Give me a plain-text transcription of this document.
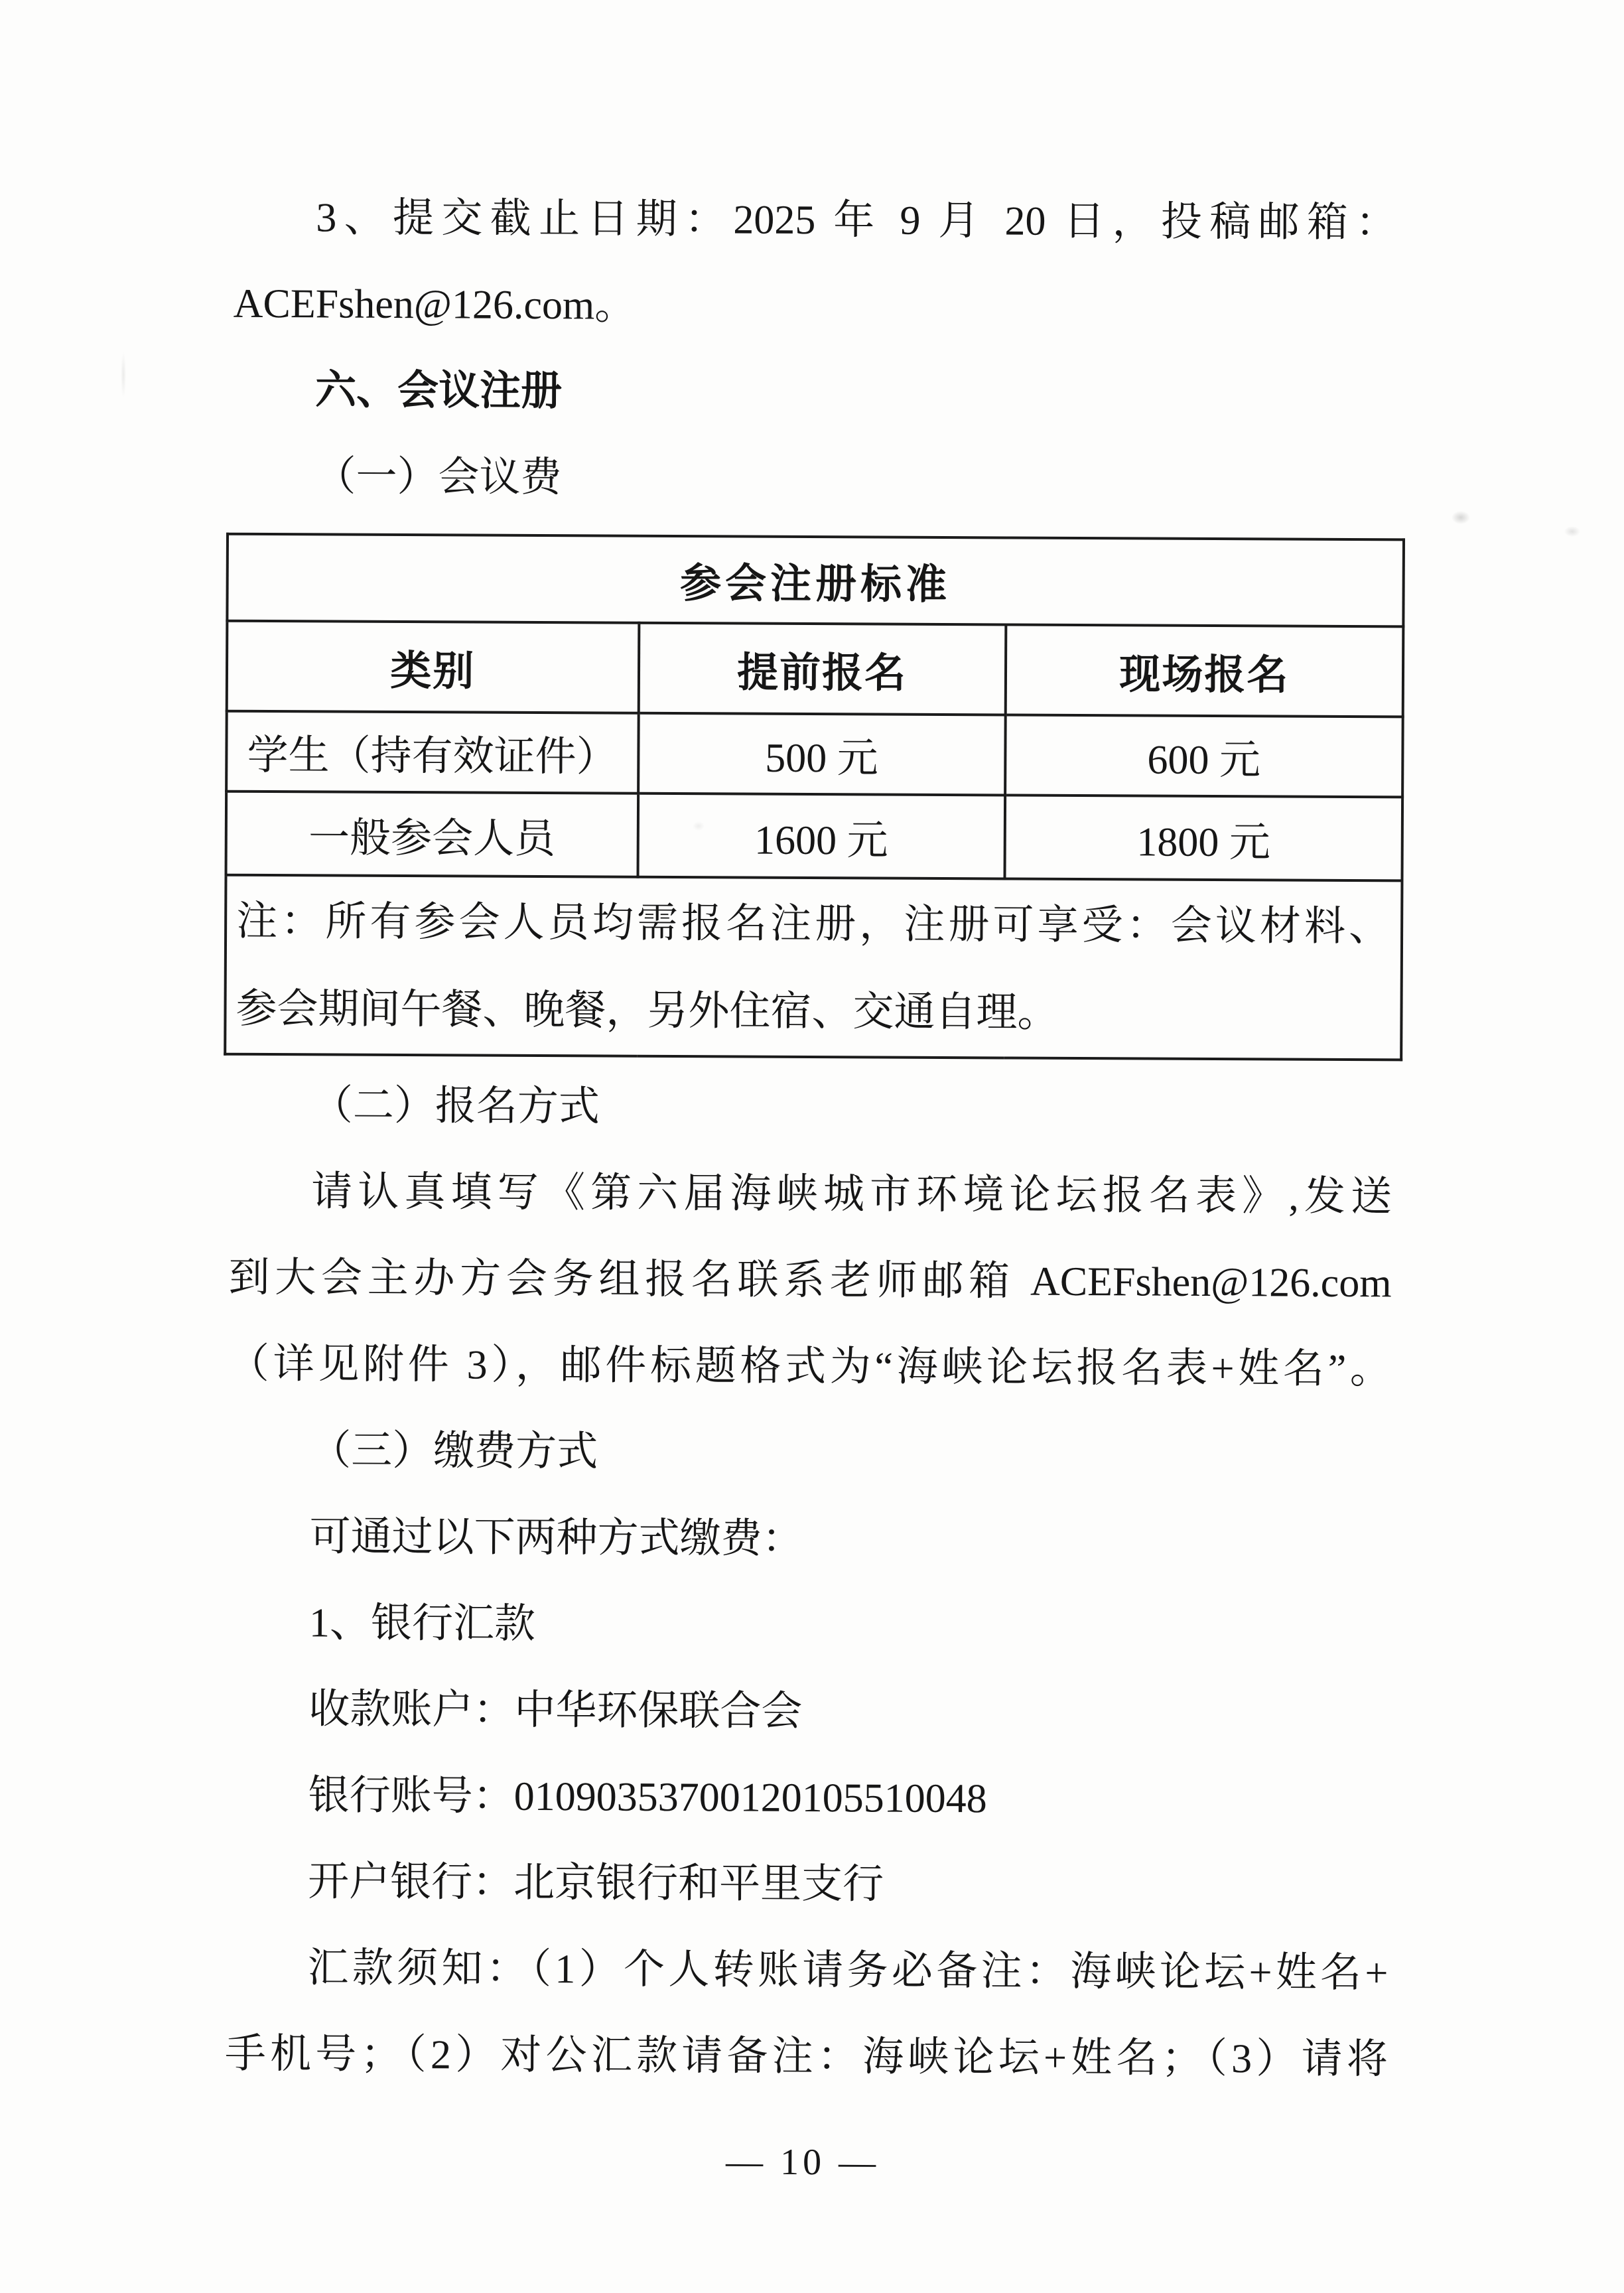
3、提交截止日期：2025 年 9 月 20 日，投稿邮箱：
ACEFshen@126.com。
六、会议注册
（一）会议费
参会注册标准		
类别	提前报名	现场报名
学生（持有效证件）	500 元	600 元
一般参会人员	1600 元	1800 元

注：所有参会人员均需报名注册，注册可享受：会议材料、
参会期间午餐、晚餐，另外住宿、交通自理。		
（二）报名方式
请认真填写《第六届海峡城市环境论坛报名表》,发送
到大会主办方会务组报名联系老师邮箱 ACEFshen@126.com
（详见附件 3），邮件标题格式为“海峡论坛报名表+姓名”。
（三）缴费方式
可通过以下两种方式缴费：
1、银行汇款
收款账户：中华环保联合会
银行账号：01090353700120105510048
开户银行：北京银行和平里支行
汇款须知：（1）个人转账请务必备注：海峡论坛+姓名+
手机号；（2）对公汇款请备注：海峡论坛+姓名；（3）请将
— 10 —
